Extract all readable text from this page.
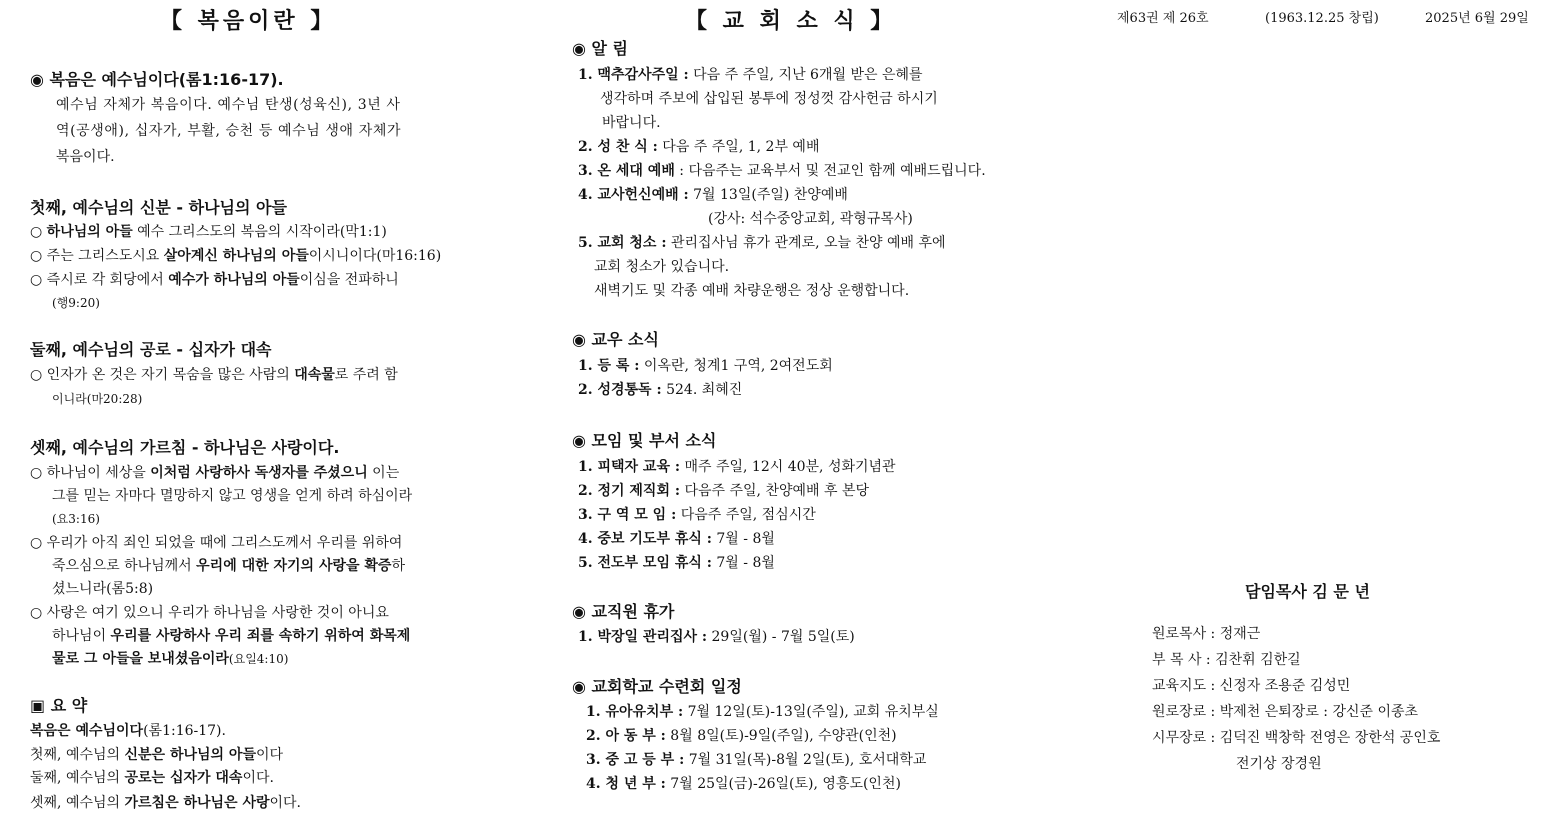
【 복음이란 】
◉ 복음은 예수님이다(롬1:16-17).
예수님 자체가 복음이다. 예수님 탄생(성육신), 3년 사
역(공생애), 십자가, 부활, 승천 등 예수님 생애 자체가
복음이다.
첫째, 예수님의 신분 - 하나님의 아들
○ 하나님의 아들 예수 그리스도의 복음의 시작이라(막1:1)
○ 주는 그리스도시요 살아계신 하나님의 아들이시니이다(마16:16)
○ 즉시로 각 회당에서 예수가 하나님의 아들이심을 전파하니
(행9:20)
둘째, 예수님의 공로 - 십자가 대속
○ 인자가 온 것은 자기 목숨을 많은 사람의 대속물로 주려 함
이니라(마20:28)
셋째, 예수님의 가르침 - 하나님은 사랑이다.
○ 하나님이 세상을 이처럼 사랑하사 독생자를 주셨으니 이는
그를 믿는 자마다 멸망하지 않고 영생을 얻게 하려 하심이라
(요3:16)
○ 우리가 아직 죄인 되었을 때에 그리스도께서 우리를 위하여
죽으심으로 하나님께서 우리에 대한 자기의 사랑을 확증하
셨느니라(롬5:8)
○ 사랑은 여기 있으니 우리가 하나님을 사랑한 것이 아니요
하나님이 우리를 사랑하사 우리 죄를 속하기 위하여 화목제
물로 그 아들을 보내셨음이라(요일4:10)
▣ 요 약
복음은 예수님이다(롬1:16-17).
첫째, 예수님의 신분은 하나님의 아들이다
둘째, 예수님의 공로는 십자가 대속이다.
셋째, 예수님의 가르침은 하나님은 사랑이다.
【 교 회 소 식 】
◉ 알 림
1. 맥추감사주일 : 다음 주 주일, 지난 6개월 받은 은혜를
생각하며 주보에 삽입된 봉투에 정성껏 감사헌금 하시기
바랍니다.
2. 성 찬 식 : 다음 주 주일, 1, 2부 예배
3. 온 세대 예배 : 다음주는 교육부서 및 전교인 함께 예배드립니다.
4. 교사헌신예배 : 7월 13일(주일) 찬양예배
(강사: 석수중앙교회, 곽형규목사)
5. 교회 청소 : 관리집사님 휴가 관계로, 오늘 찬양 예배 후에
교회 청소가 있습니다.
새벽기도 및 각종 예배 차량운행은 정상 운행합니다.
◉ 교우 소식
1. 등 록 : 이옥란, 청계1 구역, 2여전도회
2. 성경통독 : 524. 최혜진
◉ 모임 및 부서 소식
1. 피택자 교육 : 매주 주일, 12시 40분, 성화기념관
2. 정기 제직회 : 다음주 주일, 찬양예배 후 본당
3. 구 역 모 임 : 다음주 주일, 점심시간
4. 중보 기도부 휴식 : 7월 - 8월
5. 전도부 모임 휴식 : 7월 - 8월
◉ 교직원 휴가
1. 박장일 관리집사 : 29일(월) - 7월 5일(토)
◉ 교회학교 수련회 일정
1. 유아유치부 : 7월 12일(토)-13일(주일), 교회 유치부실
2. 아 동 부 : 8월 8일(토)-9일(주일), 수양관(인천)
3. 중 고 등 부 : 7월 31일(목)-8월 2일(토), 호서대학교
4. 청 년 부 : 7월 25일(금)-26일(토), 영흥도(인천)
제63권 제 26호	(1963.12.25 창립)	2025년 6월 29일
담임목사 김 문 년
원로목사 : 정재근
부 목 사 : 김찬휘 김한길
교육지도 : 신정자 조용준 김성민
원로장로 : 박제천 은퇴장로 : 강신준 이종초
시무장로 : 김덕진 백창학 전영은 장한석 공인호
전기상 장경원
